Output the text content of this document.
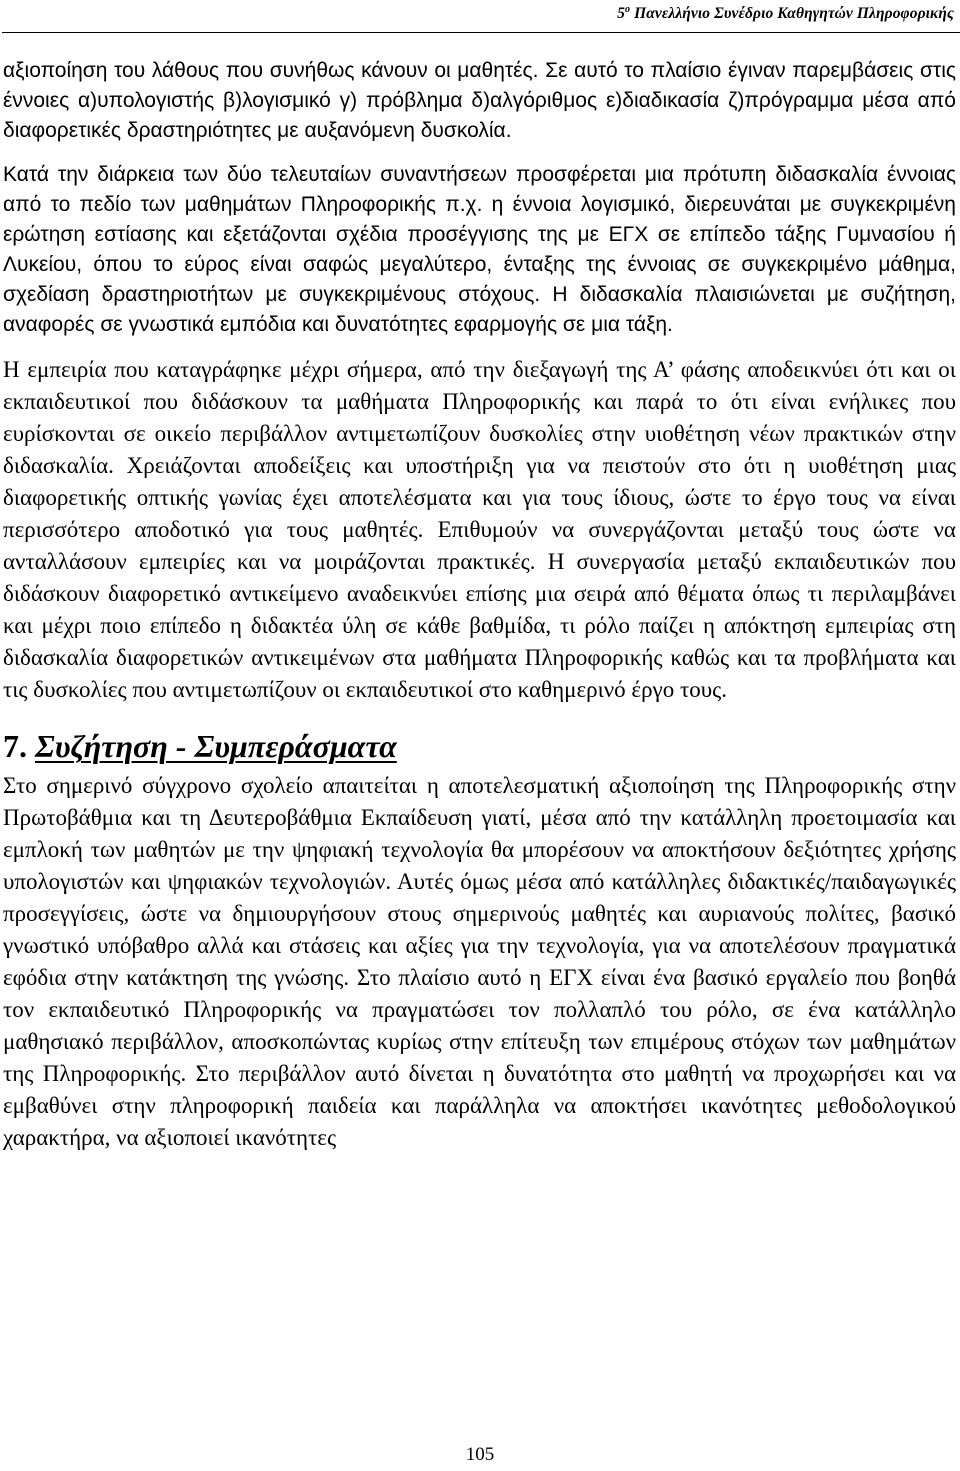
$5^o$ Πανελλήνιο Συνέδριο Καθηγητών Πληροφορικής

αξιοποίηση του λάθους που συνήθως κάνουν οι μαθητές. Σε αυτό το πλαίσιο έγιναν παρεμβάσεις στις έννοιες α)υπολογιστής β)λογισμικό γ) πρόβλημα δ)αλγόριθμος ε)διαδικασία ζ)πρόγραμμα μέσα από διαφορετικές δραστηριότητες με αυξανόμενη δυσκολία.

Κατά την διάρκεια των δύο τελευταίων συναντήσεων προσφέρεται μια πρότυπη διδασκαλία έννοιας από το πεδίο των μαθημάτων Πληροφορικής π.χ. η έννοια λογισμικό, διερευνάται με συγκεκριμένη ερώτηση εστίασης και εξετάζονται σχέδια προσέγγισης της με ΕΓΧ σε επίπεδο τάξης Γυμνασίου ή Λυκείου, όπου το εύρος είναι σαφώς μεγαλύτερο, ένταξης της έννοιας σε συγκεκριμένο μάθημα, σχεδίαση δραστηριοτήτων με συγκεκριμένους στόχους. Η διδασκαλία πλαισιώνεται με συζήτηση, αναφορές σε γνωστικά εμπόδια και δυνατότητες εφαρμογής σε μια τάξη.

Η εμπειρία που καταγράφηκε μέχρι σήμερα, από την διεξαγωγή της Α’ φάσης αποδεικνύει ότι και οι εκπαιδευτικοί που διδάσκουν τα μαθήματα Πληροφορικής και παρά το ότι είναι ενήλικες που ευρίσκονται σε οικείο περιβάλλον αντιμετωπίζουν δυσκολίες στην υιοθέτηση νέων πρακτικών στην διδασκαλία. Χρειάζονται αποδείξεις και υποστήριξη για να πειστούν στο ότι η υιοθέτηση μιας διαφορετικής οπτικής γωνίας έχει αποτελέσματα και για τους ίδιους, ώστε το έργο τους να είναι περισσότερο αποδοτικό για τους μαθητές. Επιθυμούν να συνεργάζονται μεταξύ τους ώστε να ανταλλάσουν εμπειρίες και να μοιράζονται πρακτικές. Η συνεργασία μεταξύ εκπαιδευτικών που διδάσκουν διαφορετικό αντικείμενο αναδεικνύει επίσης μια σειρά από θέματα όπως τι περιλαμβάνει και μέχρι ποιο επίπεδο η διδακτέα ύλη σε κάθε βαθμίδα, τι ρόλο παίζει η απόκτηση εμπειρίας στη διδασκαλία διαφορετικών αντικειμένων στα μαθήματα Πληροφορικής καθώς και τα προβλήματα και τις δυσκολίες που αντιμετωπίζουν οι εκπαιδευτικοί στο καθημερινό έργο τους.

7. Συζήτηση - Συμπεράσματα

Στο σημερινό σύγχρονο σχολείο απαιτείται η αποτελεσματική αξιοποίηση της Πληροφορικής στην Πρωτοβάθμια και τη Δευτεροβάθμια Εκπαίδευση γιατί, μέσα από την κατάλληλη προετοιμασία και εμπλοκή των μαθητών με την ψηφιακή τεχνολογία θα μπορέσουν να αποκτήσουν δεξιότητες χρήσης υπολογιστών και ψηφιακών τεχνολογιών. Αυτές όμως μέσα από κατάλληλες διδακτικές/παιδαγωγικές προσεγγίσεις, ώστε να δημιουργήσουν στους σημερινούς μαθητές και αυριανούς πολίτες, βασικό γνωστικό υπόβαθρο αλλά και στάσεις και αξίες για την τεχνολογία, για να αποτελέσουν πραγματικά εφόδια στην κατάκτηση της γνώσης. Στο πλαίσιο αυτό η ΕΓΧ είναι ένα βασικό εργαλείο που βοηθά τον εκπαιδευτικό Πληροφορικής να πραγματώσει τον πολλαπλό του ρόλο, σε ένα κατάλληλο μαθησιακό περιβάλλον, αποσκοπώντας κυρίως στην επίτευξη των επιμέρους στόχων των μαθημάτων της Πληροφορικής. Στο περιβάλλον αυτό δίνεται η δυνατότητα στο μαθητή να προχωρήσει και να εμβαθύνει στην πληροφορική παιδεία και παράλληλα να αποκτήσει ικανότητες μεθοδολογικού χαρακτήρα, να αξιοποιεί ικανότητες

105
